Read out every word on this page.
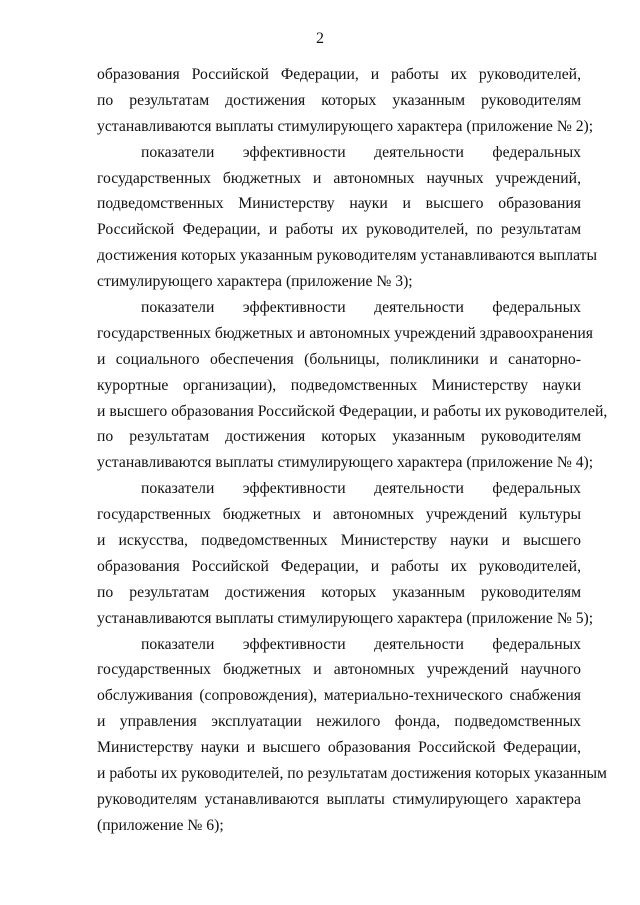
2

образования Российской Федерации, и работы их руководителей,
по результатам достижения которых указанным руководителям
устанавливаются выплаты стимулирующего характера (приложение № 2);

показатели эффективности деятельности федеральных
государственных бюджетных и автономных научных учреждений,
подведомственных Министерству науки и высшего образования
Российской Федерации, и работы их руководителей, по результатам
достижения которых указанным руководителям устанавливаются выплаты
стимулирующего характера (приложение № 3);

показатели эффективности деятельности федеральных
государственных бюджетных и автономных учреждений здравоохранения
и социального обеспечения (больницы, поликлиники и санаторно-
курортные организации), подведомственных Министерству науки
и высшего образования Российской Федерации, и работы их руководителей,
по результатам достижения которых указанным руководителям
устанавливаются выплаты стимулирующего характера (приложение № 4);

показатели эффективности деятельности федеральных
государственных бюджетных и автономных учреждений культуры
и искусства, подведомственных Министерству науки и высшего
образования Российской Федерации, и работы их руководителей,
по результатам достижения которых указанным руководителям
устанавливаются выплаты стимулирующего характера (приложение № 5);

показатели эффективности деятельности федеральных
государственных бюджетных и автономных учреждений научного
обслуживания (сопровождения), материально-технического снабжения
и управления эксплуатации нежилого фонда, подведомственных
Министерству науки и высшего образования Российской Федерации,
и работы их руководителей, по результатам достижения которых указанным
руководителям устанавливаются выплаты стимулирующего характера
(приложение № 6);
